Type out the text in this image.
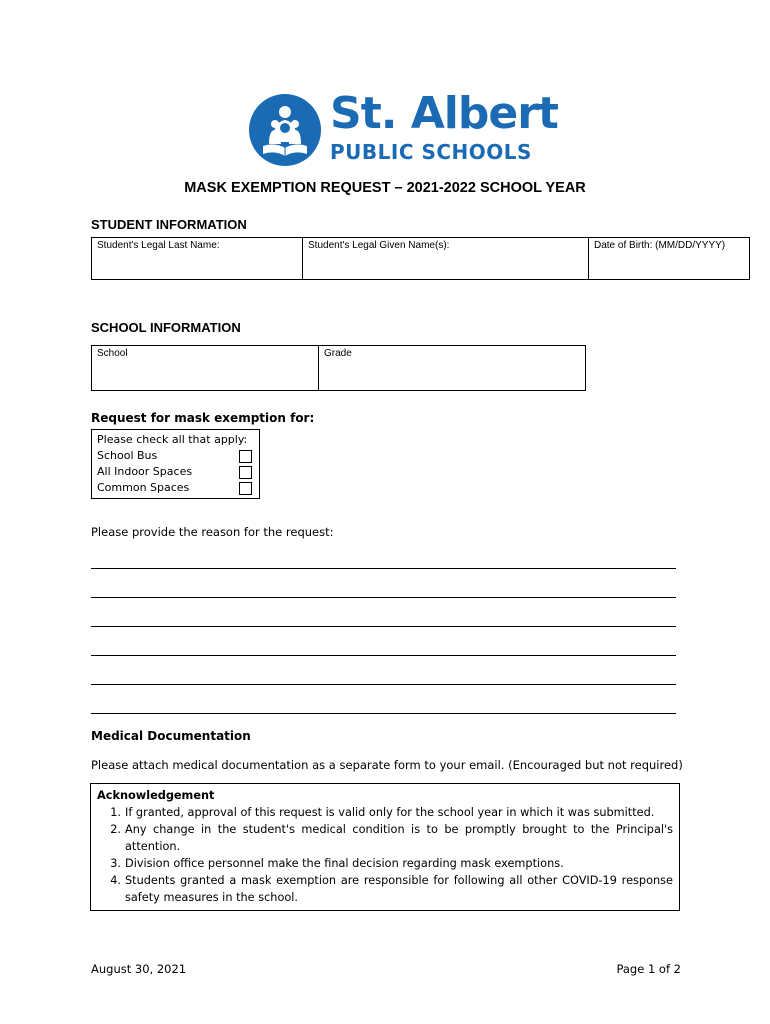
St. Albert
PUBLIC SCHOOLS
MASK EXEMPTION REQUEST – 2021-2022 SCHOOL YEAR
STUDENT INFORMATION
Student's Legal Last Name:	Student's Legal Given Name(s):	Date of Birth: (MM/DD/YYYY)
SCHOOL INFORMATION
School	Grade
Request for mask exemption for:
Please check all that apply:
School Bus
All Indoor Spaces
Common Spaces
Please provide the reason for the request:
Medical Documentation
Please attach medical documentation as a separate form to your email. (Encouraged but not required)
Acknowledgement
1. If granted, approval of this request is valid only for the school year in which it was submitted.
2. Any change in the student's medical condition is to be promptly brought to the Principal's attention.
3. Division office personnel make the final decision regarding mask exemptions.
4. Students granted a mask exemption are responsible for following all other COVID-19 response safety measures in the school.
August 30, 2021	Page 1 of 2
